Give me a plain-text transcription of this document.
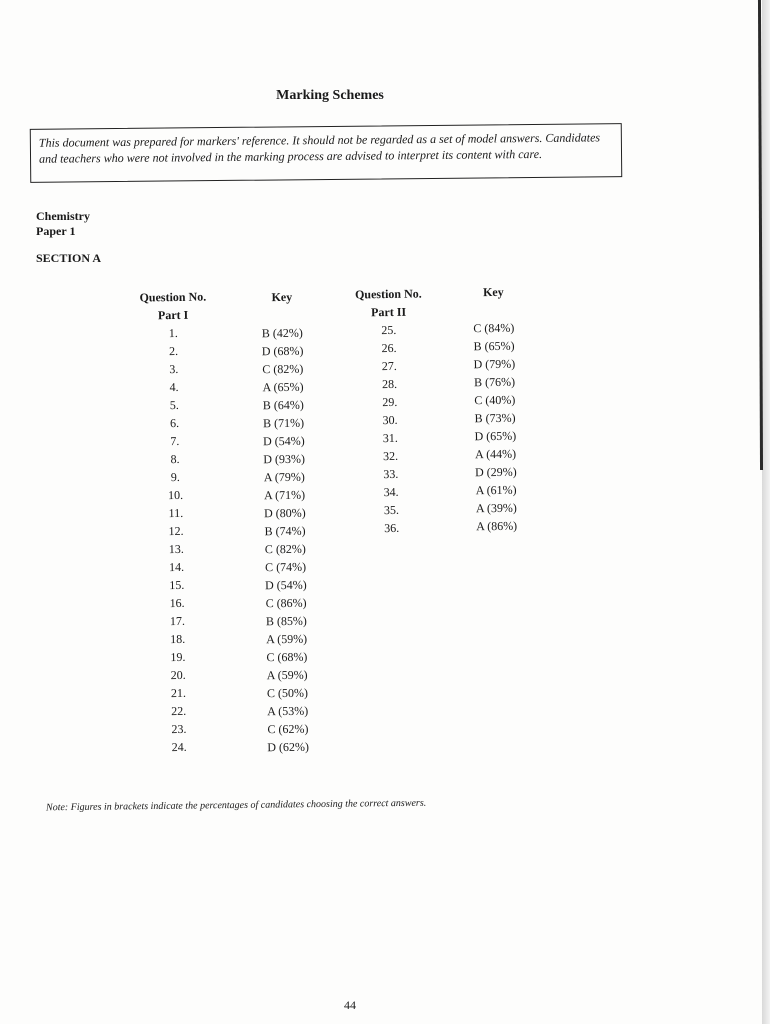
Marking Schemes
This document was prepared for markers' reference. It should not be regarded as a set of model answers. Candidates and teachers who were not involved in the marking process are advised to interpret its content with care.
Chemistry
Paper 1
SECTION A
Question No.
Part I
1.
2.
3.
4.
5.
6.
7.
8.
9.
10.
11.
12.
13.
14.
15.
16.
17.
18.
19.
20.
21.
22.
23.
24.
Key
B (42%)
D (68%)
C (82%)
A (65%)
B (64%)
B (71%)
D (54%)
D (93%)
A (79%)
A (71%)
D (80%)
B (74%)
C (82%)
C (74%)
D (54%)
C (86%)
B (85%)
A (59%)
C (68%)
A (59%)
C (50%)
A (53%)
C (62%)
D (62%)
Question No.
Part II
25.
26.
27.
28.
29.
30.
31.
32.
33.
34.
35.
36.
Key
C (84%)
B (65%)
D (79%)
B (76%)
C (40%)
B (73%)
D (65%)
A (44%)
D (29%)
A (61%)
A (39%)
A (86%)
Note: Figures in brackets indicate the percentages of candidates choosing the correct answers.
44
